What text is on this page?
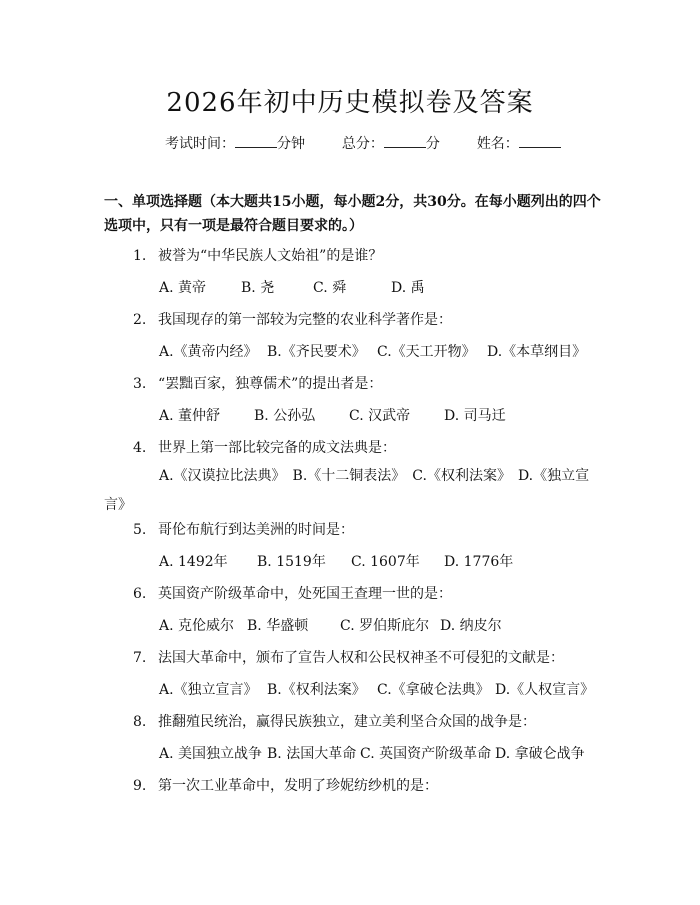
2026年初中历史模拟卷及答案
考试时间：	分钟	总分：	分	姓名：
一、单项选择题（本大题共15小题，每小题2分，共30分。在每小题列出的四个选项中，只有一项是最符合题目要求的。）
1. 被誉为“中华民族人文始祖”的是谁？
A. 黄帝 B. 尧	C. 舜	D. 禹
2. 我国现存的第一部较为完整的农业科学著作是：
A.《黄帝内经》 B.《齐民要术》 C.《天工开物》 D.《本草纲目》
3. “罢黜百家，独尊儒术”的提出者是：
A. 董仲舒 B. 公孙弘 C. 汉武帝 D. 司马迁
4. 世界上第一部比较完备的成文法典是：
A.《汉谟拉比法典》　B.《十二铜表法》　C.《权利法案》　D.《独立宣言》
5. 哥伦布航行到达美洲的时间是：
A. 1492年 B. 1519年 C. 1607年 D. 1776年
6. 英国资产阶级革命中，处死国王查理一世的是：
A. 克伦威尔 B. 华盛顿 C. 罗伯斯庇尔 D. 纳皮尔
7. 法国大革命中，颁布了宣告人权和公民权神圣不可侵犯的文献是：
A.《独立宣言》 B.《权利法案》 C.《拿破仑法典》 D.《人权宣言》
8. 推翻殖民统治，赢得民族独立，建立美利坚合众国的战争是：
A. 美国独立战争 B. 法国大革命 C. 英国资产阶级革命 D. 拿破仑战争
9. 第一次工业革命中，发明了珍妮纺纱机的是：
